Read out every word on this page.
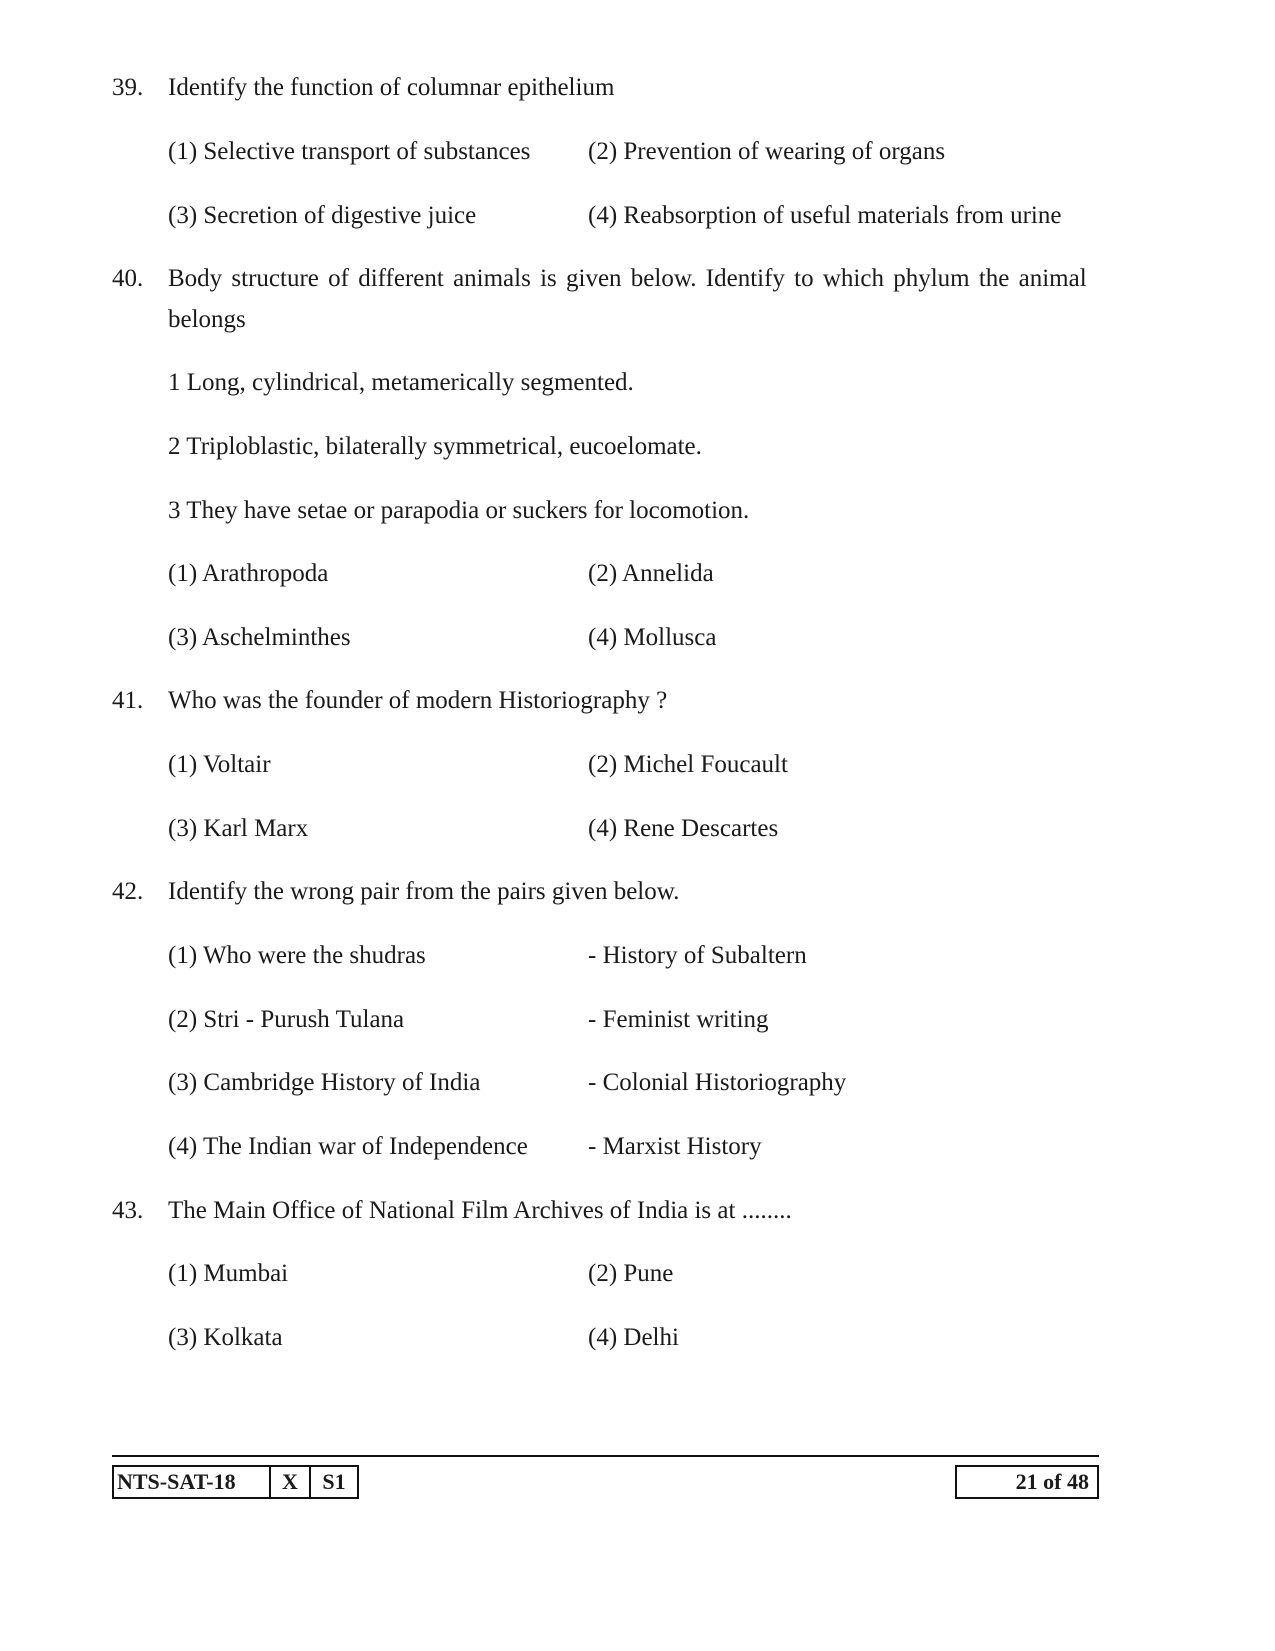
39. Identify the function of columnar epithelium
(1) Selective transport of substances (2) Prevention of wearing of organs
(3) Secretion of digestive juice	(4) Reabsorption of useful materials from urine
40. Body structure of different animals is given below. Identify to which phylum the animal
belongs
1 Long, cylindrical, metamerically segmented.
2 Triploblastic, bilaterally symmetrical, eucoelomate.
3 They have setae or parapodia or suckers for locomotion.
(1) Arathropoda	(2) Annelida
(3) Aschelminthes	(4) Mollusca
41. Who was the founder of modern Historiography ?
(1) Voltair	(2) Michel Foucault
(3) Karl Marx	(4) Rene Descartes
42. Identify the wrong pair from the pairs given below.
(1) Who were the shudras	- History of Subaltern
(2) Stri - Purush Tulana	- Feminist writing
(3) Cambridge History of India	- Colonial Historiography
(4) The Indian war of Independence - Marxist History
43. The Main Office of National Film Archives of India is at ........
(1) Mumbai	(2) Pune
(3) Kolkata	(4) Delhi
NTS-SAT-18	X	S1	21 of 48
